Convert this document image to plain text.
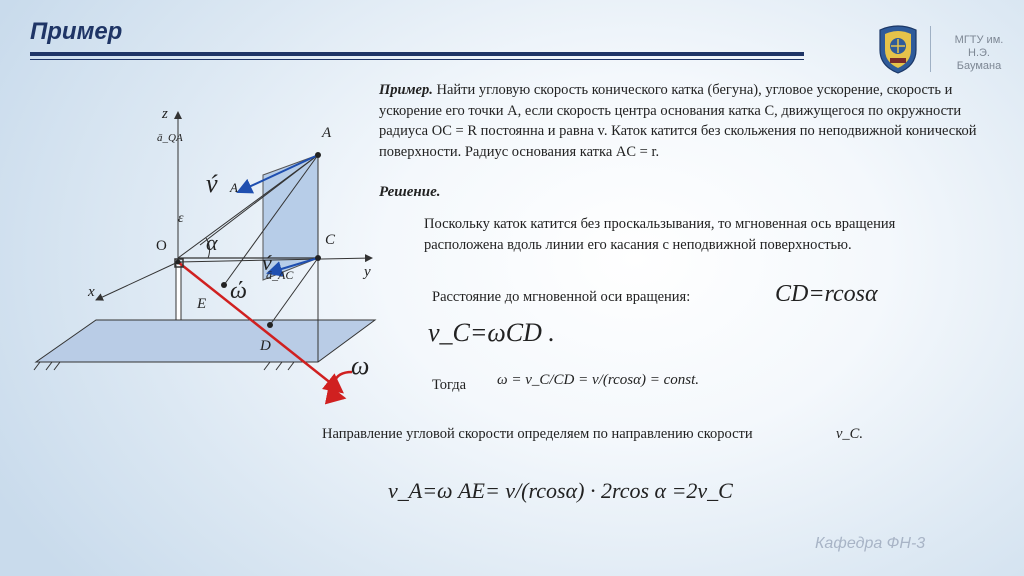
Пример	МГТУ им.
Н.Э.
Баумана
Пример. Найти угловую скорость конического катка (бегуна), угловое ускорение, скорость и ускорение его точки A, если скорость центра основания катка C, движущегося по окружности радиуса OC = R постоянна и равна v. Каток катится без скольжения по неподвижной конической поверхности. Радиус основания катка AC = r.
Решение.
Поскольку каток катится без проскальзывания, то мгновенная ось вращения расположена вдоль линии его касания с неподвижной поверхностью.
Расстояние до мгновенной оси вращения:	CD=rcosα
v_C=ωCD .
Тогда ω = v_C/CD = v/(rcosα) = const.
Направление угловой скорости определяем по направлению скорости	v_C.
v_A=ω AE= v/(rcosα) · 2rcos α =2v_C
Кафедра ФН-3
z
ā_QA	A
v́ A
ε
α
O	C
y
v́
ā_AC
x	ώ
E
D
ω
